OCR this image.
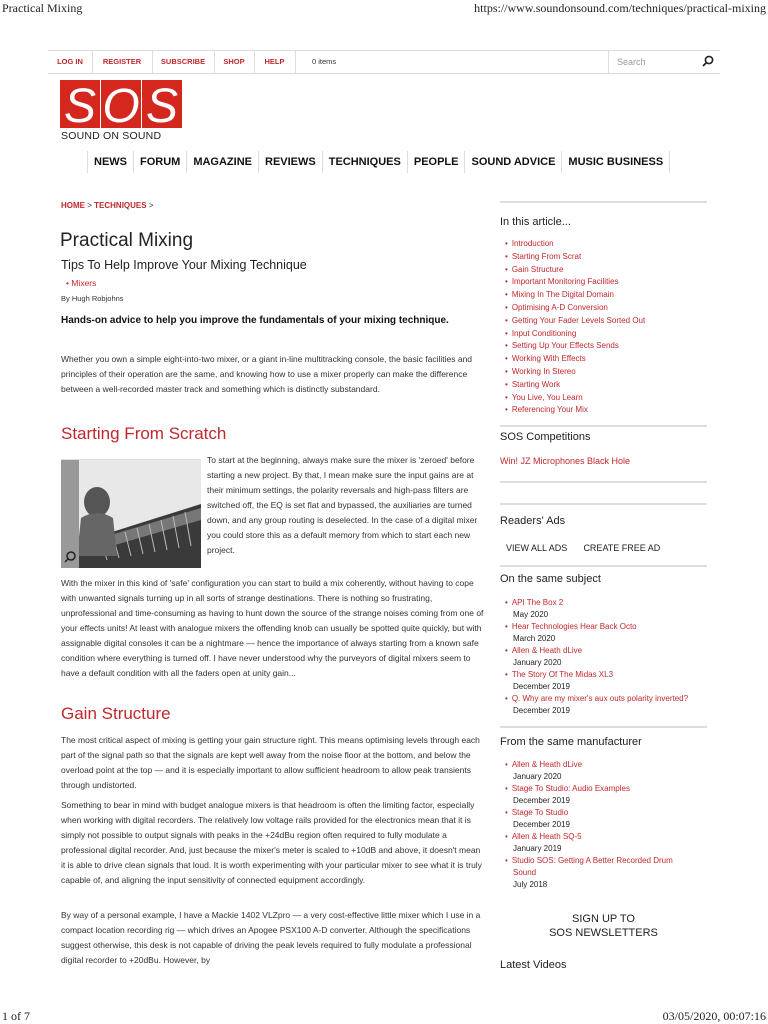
Practical Mixing	https://www.soundonsound.com/techniques/practical-mixing
1 of 7	03/05/2020, 00:07:16
LOG IN	REGISTER	SUBSCRIBE	SHOP	HELP	0 items
Search
S O S
SOUND ON SOUND
NEWS	FORUM	MAGAZINE	REVIEWS	TECHNIQUES	PEOPLE	SOUND ADVICE	MUSIC BUSINESS
HOME > TECHNIQUES >
Practical Mixing
Tips To Help Improve Your Mixing Technique
• Mixers
By Hugh Robjohns
Hands-on advice to help you improve the fundamentals of your mixing technique.
Whether you own a simple eight-into-two mixer, or a giant in-line multitracking console, the basic facilities and principles of their operation are the same, and knowing how to use a mixer properly can make the difference between a well-recorded master track and something which is distinctly substandard.
Starting From Scratch
To start at the beginning, always make sure the mixer is 'zeroed' before starting a new project. By that, I mean make sure the input gains are at their minimum settings, the polarity reversals and high-pass filters are switched off, the EQ is set flat and bypassed, the auxiliaries are turned down, and any group routing is deselected. In the case of a digital mixer you could store this as a default memory from which to start each new project.
With the mixer in this kind of 'safe' configuration you can start to build a mix coherently, without having to cope with unwanted signals turning up in all sorts of strange destinations. There is nothing so frustrating, unprofessional and time-consuming as having to hunt down the source of the strange noises coming from one of your effects units! At least with analogue mixers the offending knob can usually be spotted quite quickly, but with assignable digital consoles it can be a nightmare — hence the importance of always starting from a known safe condition where everything is turned off. I have never understood why the purveyors of digital mixers seem to have a default condition with all the faders open at unity gain...
Gain Structure
The most critical aspect of mixing is getting your gain structure right. This means optimising levels through each part of the signal path so that the signals are kept well away from the noise floor at the bottom, and below the overload point at the top — and it is especially important to allow sufficient headroom to allow peak transients through undistorted.
Something to bear in mind with budget analogue mixers is that headroom is often the limiting factor, especially when working with digital recorders. The relatively low voltage rails provided for the electronics mean that it is simply not possible to output signals with peaks in the +24dBu region often required to fully modulate a professional digital recorder. And, just because the mixer's meter is scaled to +10dB and above, it doesn't mean it is able to drive clean signals that loud. It is worth experimenting with your particular mixer to see what it is truly capable of, and aligning the input sensitivity of connected equipment accordingly.
By way of a personal example, I have a Mackie 1402 VLZpro — a very cost-effective little mixer which I use in a compact location recording rig — which drives an Apogee PSX100 A-D converter. Although the specifications suggest otherwise, this desk is not capable of driving the peak levels required to fully modulate a professional digital recorder to +20dBu. However, by
In this article...
• Introduction
• Starting From Scrat
• Gain Structure
• Important Monitoring Facilities
• Mixing In The Digital Domain
• Optimising A-D Conversion
• Getting Your Fader Levels Sorted Out
• Input Conditioning
• Setting Up Your Effects Sends
• Working With Effects
• Working In Stereo
• Starting Work
• You Live, You Learn
• Referencing Your Mix
SOS Competitions
Win! JZ Microphones Black Hole
Readers' Ads
VIEW ALL ADS CREATE FREE AD
On the same subject
• API The Box 2
May 2020
• Hear Technologies Hear Back Octo
March 2020
• Allen & Heath dLive
January 2020
• The Story Of The Midas XL3
December 2019
• Q. Why are my mixer's aux outs polarity inverted?
December 2019
From the same manufacturer
• Allen & Heath dLive
January 2020
• Stage To Studio: Audio Examples
December 2019
• Stage To Studio
December 2019
• Allen & Heath SQ-5
January 2019
• Studio SOS: Getting A Better Recorded Drum
Sound
July 2018
SIGN UP TO
SOS NEWSLETTERS
Latest Videos
